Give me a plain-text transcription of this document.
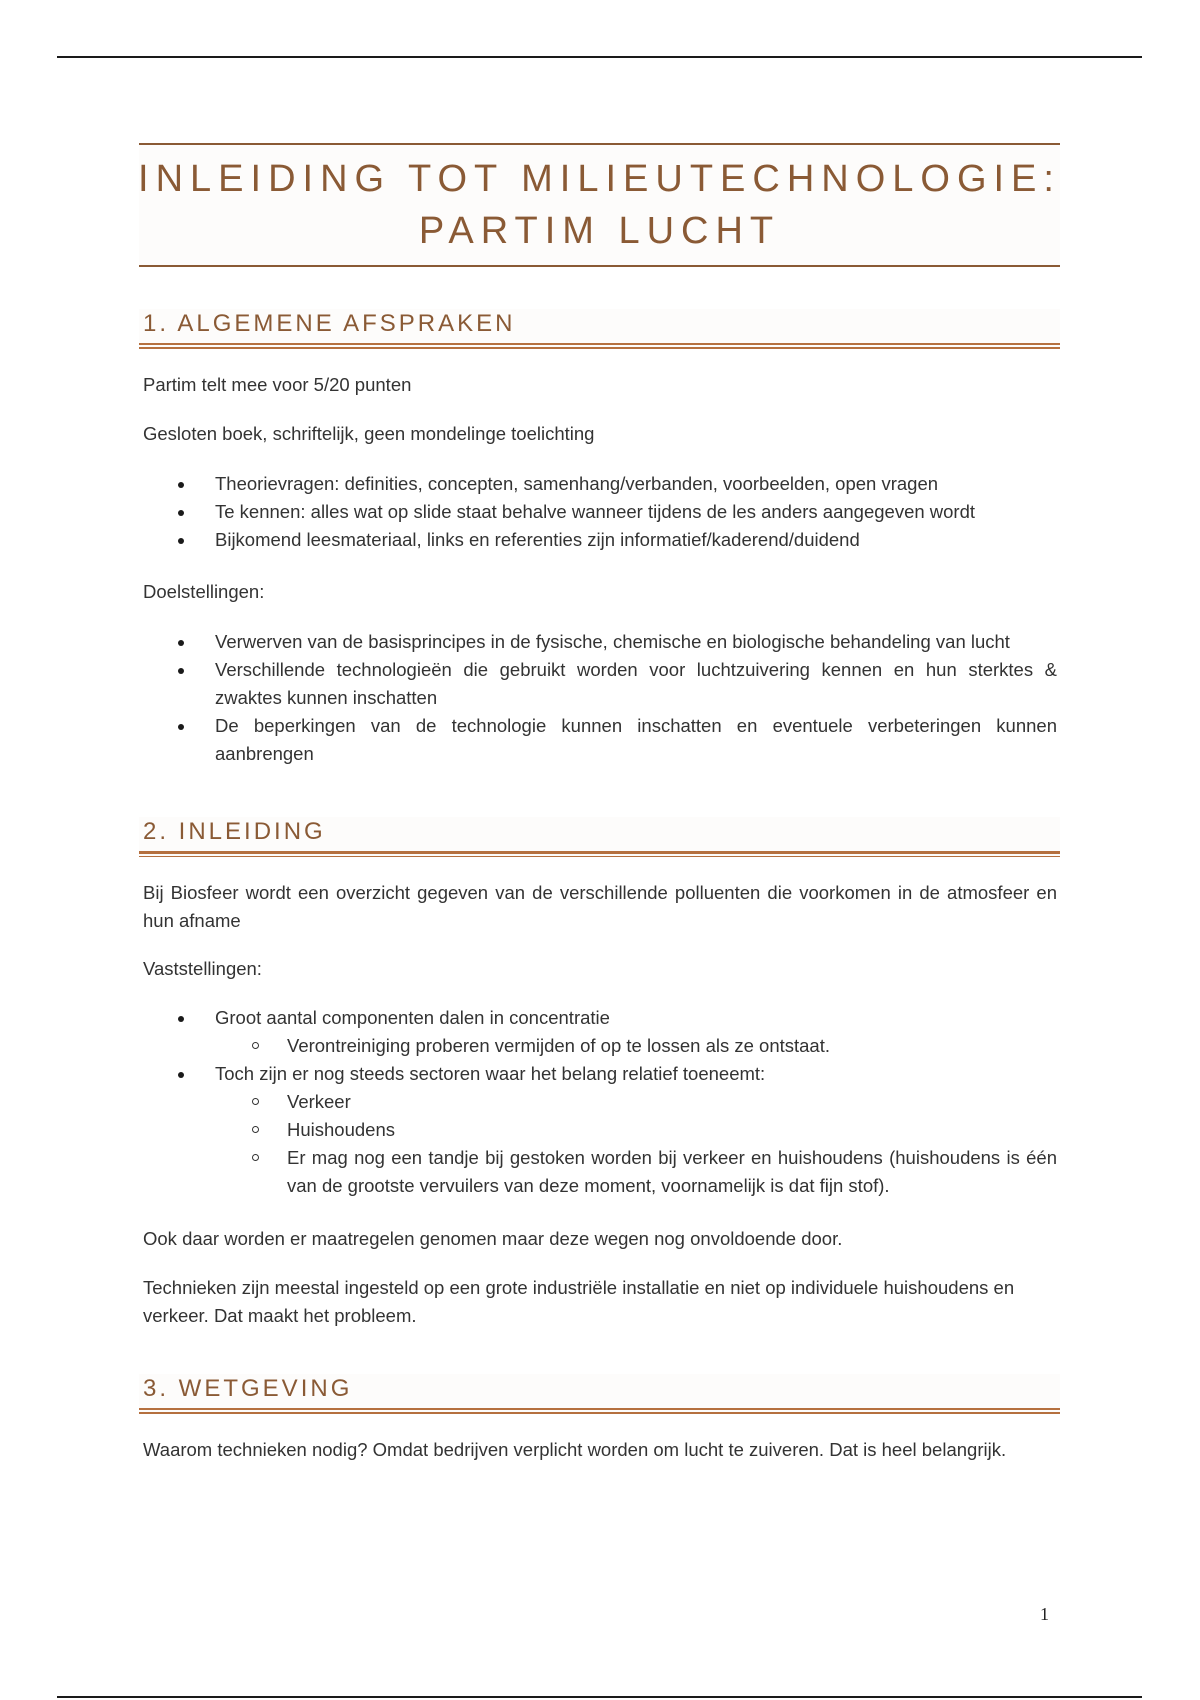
INLEIDING TOT MILIEUTECHNOLOGIE:
PARTIM LUCHT
1. ALGEMENE AFSPRAKEN
Partim telt mee voor 5/20 punten
Gesloten boek, schriftelijk, geen mondelinge toelichting
Theorievragen: definities, concepten, samenhang/verbanden, voorbeelden, open vragen
Te kennen: alles wat op slide staat behalve wanneer tijdens de les anders aangegeven wordt
Bijkomend leesmateriaal, links en referenties zijn informatief/kaderend/duidend
Doelstellingen:
Verwerven van de basisprincipes in de fysische, chemische en biologische behandeling van lucht
Verschillende technologieën die gebruikt worden voor luchtzuivering kennen en hun sterktes & zwaktes kunnen inschatten
De beperkingen van de technologie kunnen inschatten en eventuele verbeteringen kunnen aanbrengen
2. INLEIDING
Bij Biosfeer wordt een overzicht gegeven van de verschillende polluenten die voorkomen in de atmosfeer en hun afname
Vaststellingen:
Groot aantal componenten dalen in concentratie
Verontreiniging proberen vermijden of op te lossen als ze ontstaat.
Toch zijn er nog steeds sectoren waar het belang relatief toeneemt:
Verkeer
Huishoudens
Er mag nog een tandje bij gestoken worden bij verkeer en huishoudens (huishoudens is één van de grootste vervuilers van deze moment, voornamelijk is dat fijn stof).
Ook daar worden er maatregelen genomen maar deze wegen nog onvoldoende door.
Technieken zijn meestal ingesteld op een grote industriële installatie en niet op individuele huishoudens en verkeer. Dat maakt het probleem.
3. WETGEVING
Waarom technieken nodig? Omdat bedrijven verplicht worden om lucht te zuiveren. Dat is heel belangrijk.
1
